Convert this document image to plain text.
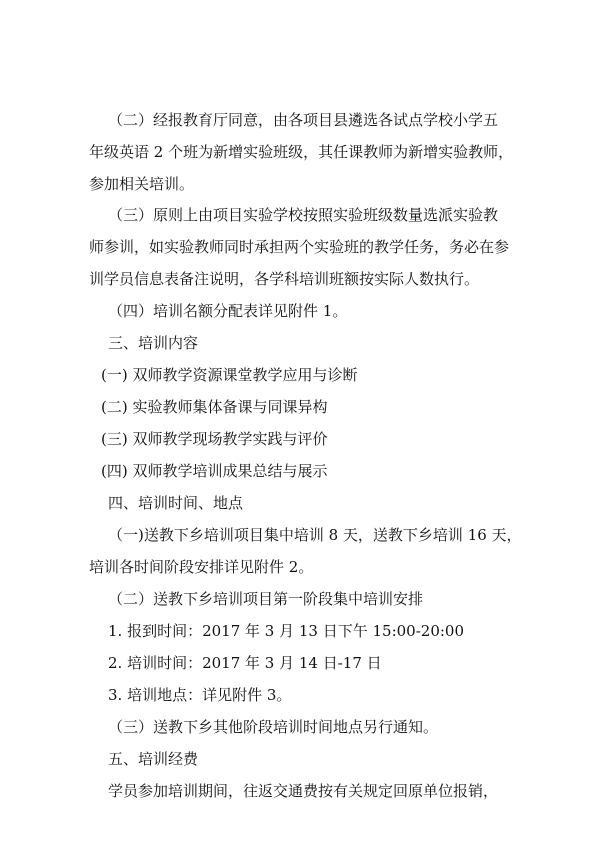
（二）经报教育厅同意，由各项目县遴选各试点学校小学五
年级英语 2 个班为新增实验班级，其任课教师为新增实验教师，
参加相关培训。
（三）原则上由项目实验学校按照实验班级数量选派实验教
师参训，如实验教师同时承担两个实验班的教学任务，务必在参
训学员信息表备注说明，各学科培训班额按实际人数执行。
（四）培训名额分配表详见附件 1。
三、培训内容
(一) 双师教学资源课堂教学应用与诊断
(二) 实验教师集体备课与同课异构
(三) 双师教学现场教学实践与评价
(四) 双师教学培训成果总结与展示
四、培训时间、地点
（一)送教下乡培训项目集中培训 8 天，送教下乡培训 16 天，
培训各时间阶段安排详见附件 2。
（二）送教下乡培训项目第一阶段集中培训安排
1. 报到时间：2017 年 3 月 13 日下午 15:00-20:00
2. 培训时间：2017 年 3 月 14 日-17 日
3. 培训地点：详见附件 3。
（三）送教下乡其他阶段培训时间地点另行通知。
五、培训经费
学员参加培训期间，往返交通费按有关规定回原单位报销，
